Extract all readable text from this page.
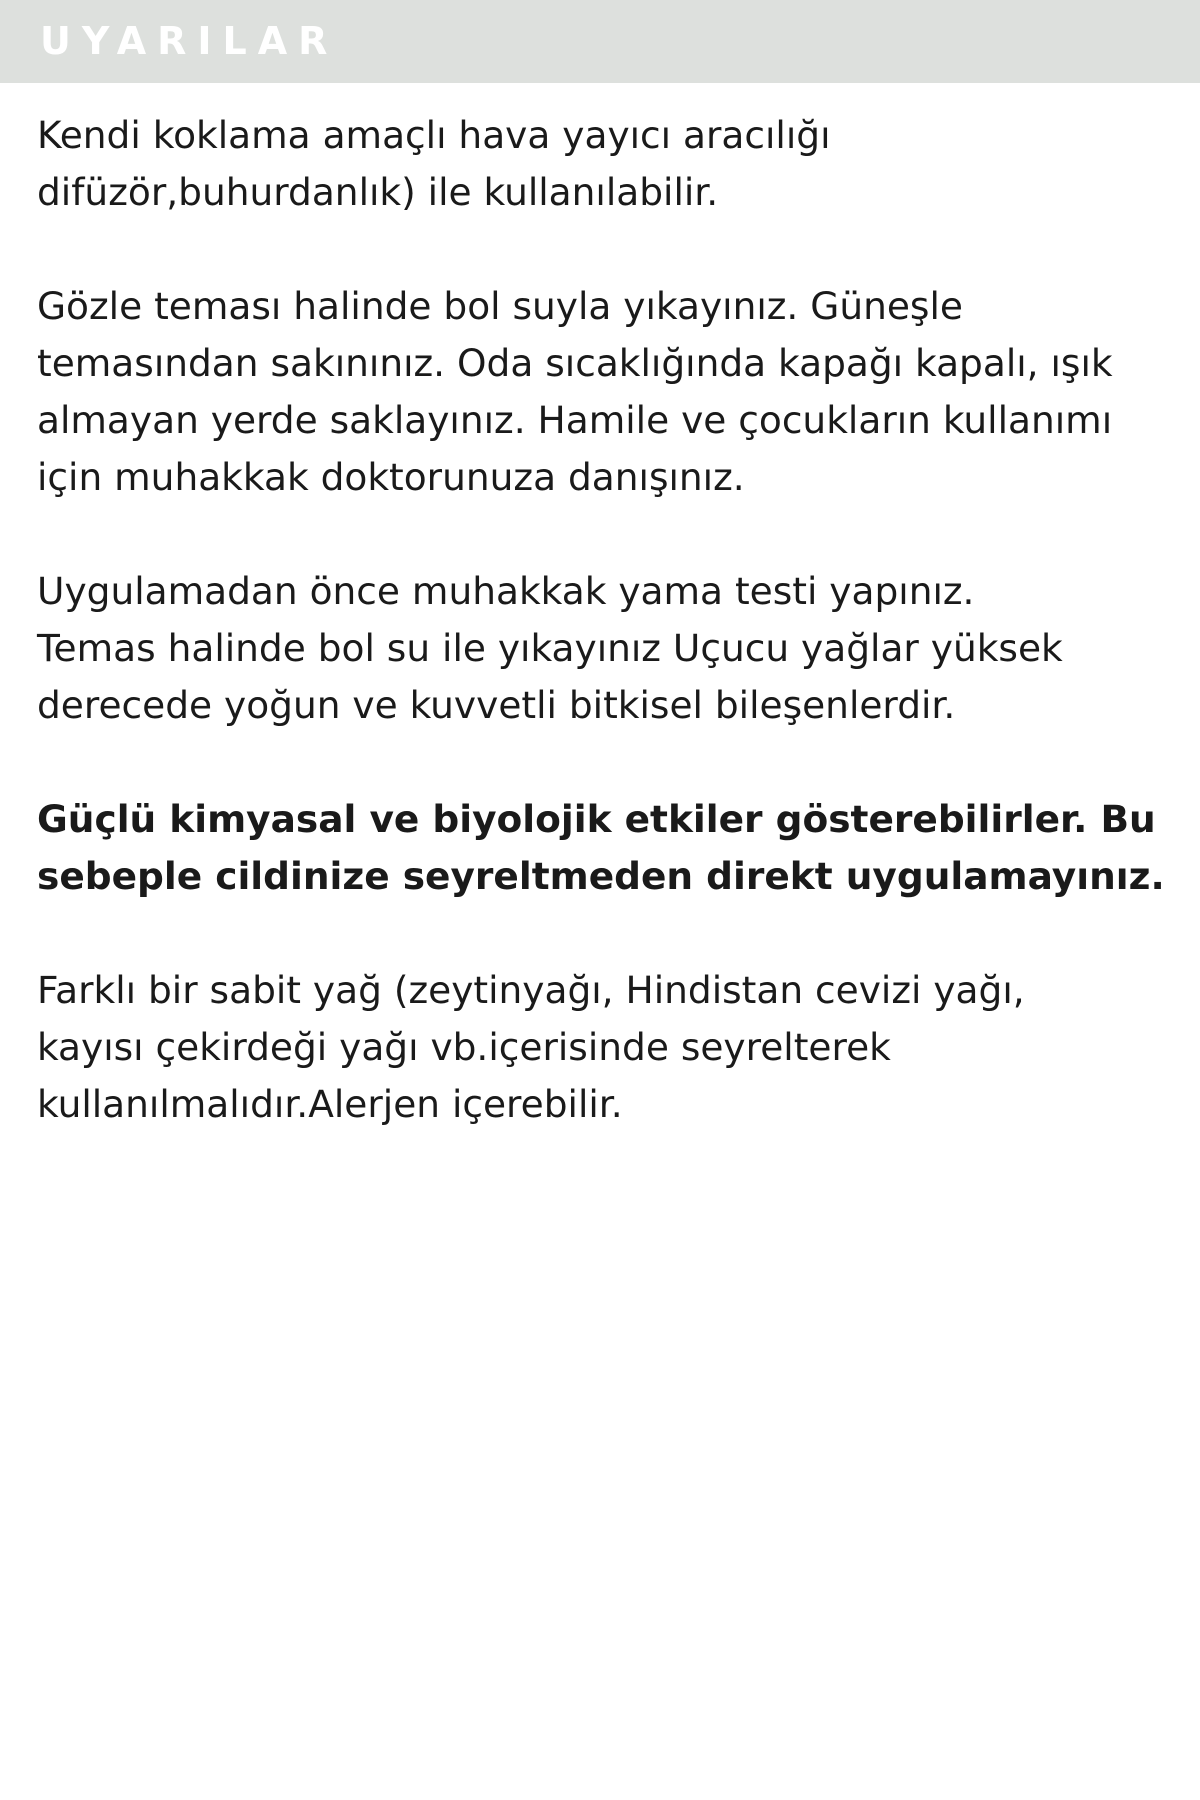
UYARILAR

Kendi koklama amaçlı hava yayıcı aracılığı
difüzör,buhurdanlık) ile kullanılabilir.

Gözle teması halinde bol suyla yıkayınız. Güneşle
temasından sakınınız. Oda sıcaklığında kapağı kapalı, ışık
almayan yerde saklayınız. Hamile ve çocukların kullanımı
için muhakkak doktorunuza danışınız.

Uygulamadan önce muhakkak yama testi yapınız.
Temas halinde bol su ile yıkayınız Uçucu yağlar yüksek
derecede yoğun ve kuvvetli bitkisel bileşenlerdir.

Güçlü kimyasal ve biyolojik etkiler gösterebilirler. Bu
sebeple cildinize seyreltmeden direkt uygulamayınız.

Farklı bir sabit yağ (zeytinyağı, Hindistan cevizi yağı,
kayısı çekirdeği yağı vb.içerisinde seyrelterek
kullanılmalıdır.Alerjen içerebilir.
